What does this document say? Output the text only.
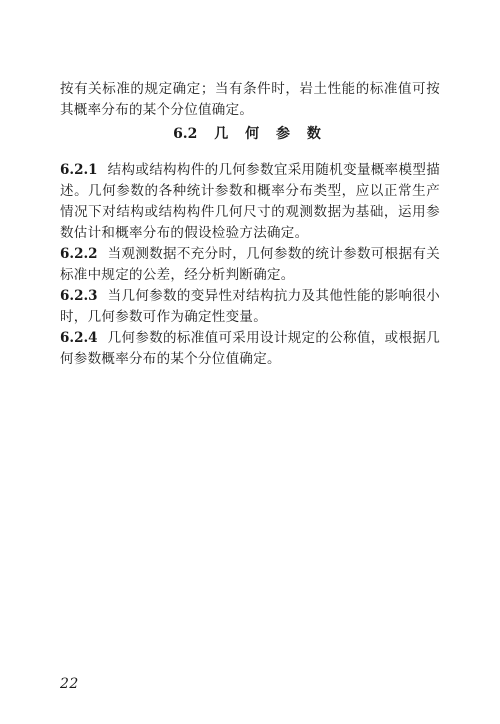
按有关标准的规定确定；当有条件时，岩土性能的标准值可按其概率分布的某个分位值确定。

6.2 几 何 参 数

6.2.1 结构或结构构件的几何参数宜采用随机变量概率模型描述。几何参数的各种统计参数和概率分布类型，应以正常生产情况下对结构或结构构件几何尺寸的观测数据为基础，运用参数估计和概率分布的假设检验方法确定。

6.2.2 当观测数据不充分时，几何参数的统计参数可根据有关标准中规定的公差，经分析判断确定。

6.2.3 当几何参数的变异性对结构抗力及其他性能的影响很小时，几何参数可作为确定性变量。

6.2.4 几何参数的标准值可采用设计规定的公称值，或根据几何参数概率分布的某个分位值确定。

22
